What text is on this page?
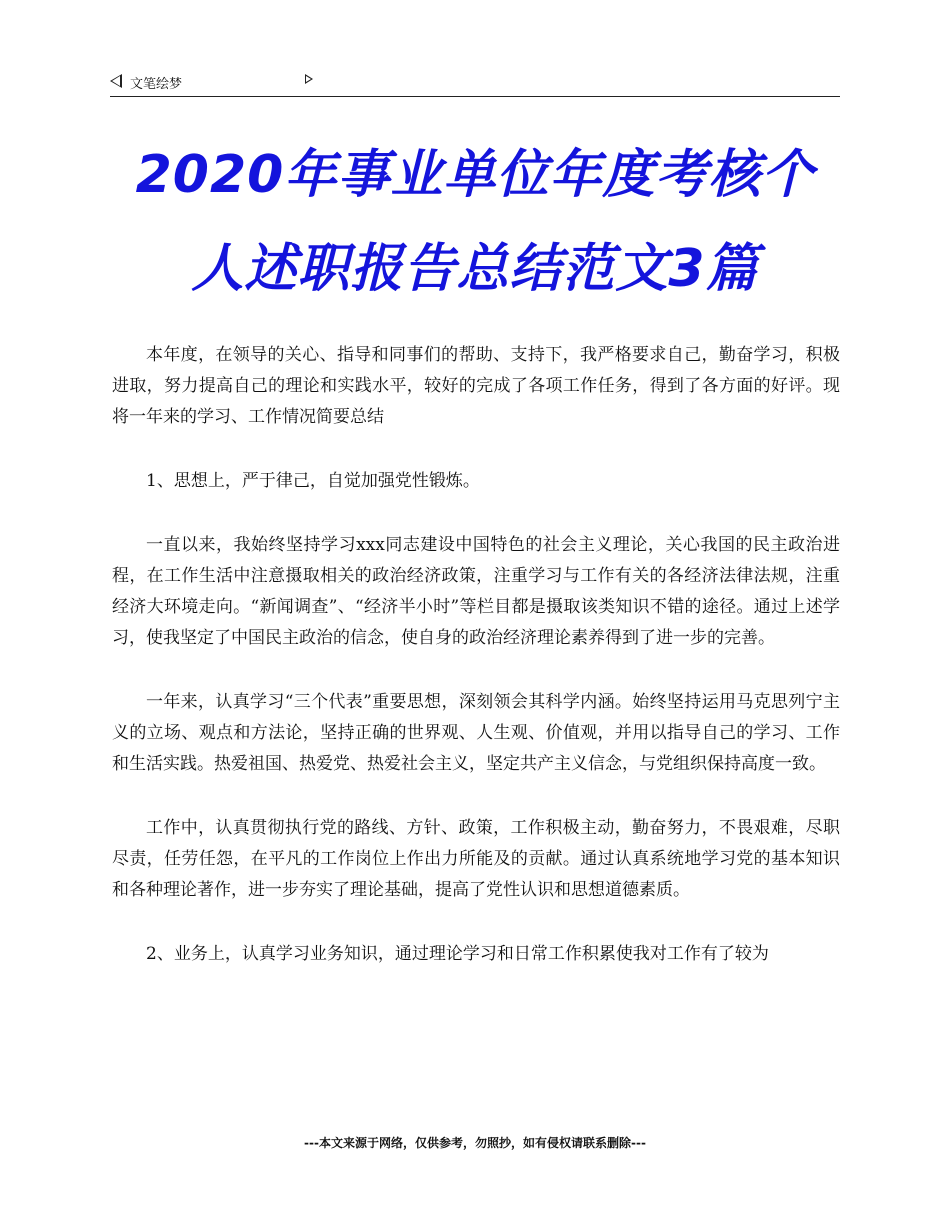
文笔绘梦
2020年事业单位年度考核个
人述职报告总结范文3篇

本年度，在领导的关心、指导和同事们的帮助、支持下，我严格要求自己，勤奋学习，积极进取，努力提高自己的理论和实践水平，较好的完成了各项工作任务，得到了各方面的好评。现将一年来的学习、工作情况简要总结

1、思想上，严于律己，自觉加强党性锻炼。

一直以来，我始终坚持学习xxx同志建设中国特色的社会主义理论，关心我国的民主政治进程，在工作生活中注意摄取相关的政治经济政策，注重学习与工作有关的各经济法律法规，注重经济大环境走向。“新闻调查”、“经济半小时”等栏目都是摄取该类知识不错的途径。通过上述学习，使我坚定了中国民主政治的信念，使自身的政治经济理论素养得到了进一步的完善。

一年来，认真学习“三个代表”重要思想，深刻领会其科学内涵。始终坚持运用马克思列宁主义的立场、观点和方法论，坚持正确的世界观、人生观、价值观，并用以指导自己的学习、工作和生活实践。热爱祖国、热爱党、热爱社会主义，坚定共产主义信念，与党组织保持高度一致。

工作中，认真贯彻执行党的路线、方针、政策，工作积极主动，勤奋努力，不畏艰难，尽职尽责，任劳任怨，在平凡的工作岗位上作出力所能及的贡献。通过认真系统地学习党的基本知识和各种理论著作，进一步夯实了理论基础，提高了党性认识和思想道德素质。

2、业务上，认真学习业务知识，通过理论学习和日常工作积累使我对工作有了较为

---本文来源于网络，仅供参考，勿照抄，如有侵权请联系删除---
